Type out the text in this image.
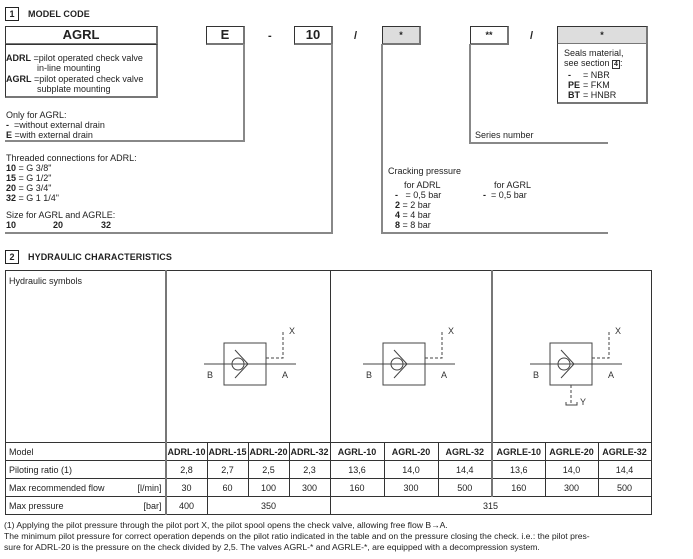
1	MODEL CODE
AGRL
ADRL =pilot operated check valve
in-line mounting
AGRL =pilot operated check valve
subplate mounting
E	-
Only for AGRL:
- =without external drain
E =with external drain
10	/
Threaded connections for ADRL:
10 = G 3/8"
15 = G 1/2"
20 = G 3/4"
32 = G 1 1/4"
Size for AGRL and AGRLE:
10	20	32
*
Cracking pressure
for ADRL	for AGRL
- = 0,5 bar
2 = 2 bar
4 = 4 bar
8 = 8 bar
- = 0,5 bar
**	/
Series number
*
Seals material,
see section 4 :
- = NBR
PE = FKM
BT = HNBR
2	HYDRAULIC CHARACTERISTICS
Hydraulic symbols		X
B A				X
B A			X
B A
Y		

Model		ADRL-10	ADRL-15	ADRL-20	ADRL-32	AGRL-10	AGRL-20	AGRL-32	AGRLE-10	AGRLE-20	AGRLE-32
Piloting ratio (1)		2,8	2,7	2,5	2,3	13,6	14,0	14,4	13,6	14,0	14,4
Max recommended flow	[l/min]	30	60	100	300	160	300	500	160	300	500
Max pressure	[bar]	400	350			315					
(1) Applying the pilot pressure through the pilot port X, the pilot spool opens the check valve, allowing free flow B→A.
The minimum pilot pressure for correct operation depends on the pilot ratio indicated in the table and on the pressure closing the check. i.e.: the pilot pres-
sure for ADRL-20 is the pressure on the check divided by 2,5. The valves AGRL-* and AGRLE-*, are equipped with a decompression system.
